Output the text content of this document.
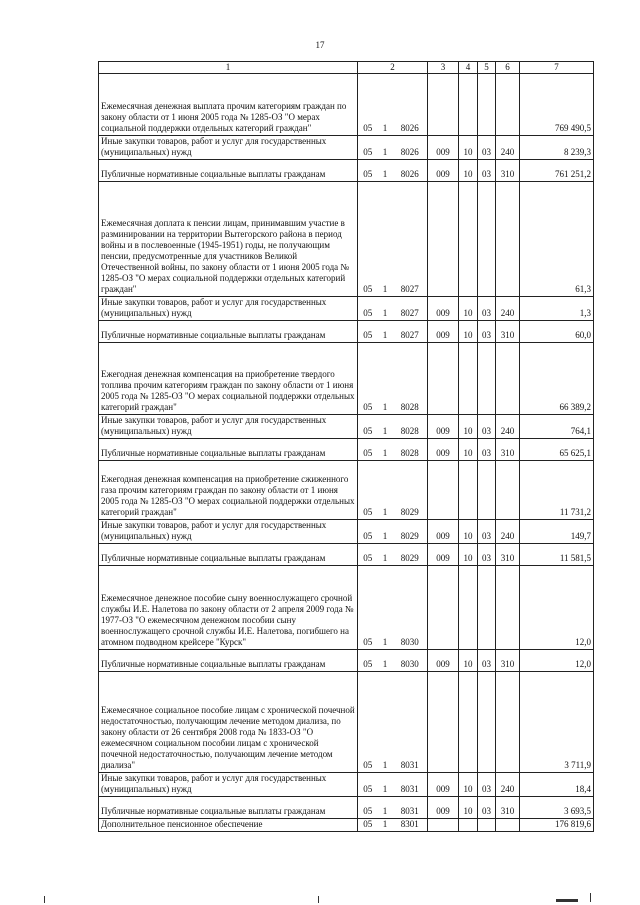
17
1	2			3	4	5	6	7
Ежемесячная денежная выплата прочим категориям граждан по закону области от 1 июня 2005 года № 1285-ОЗ "О мерах социальной поддержки отдельных категорий граждан"	05	1	8026					769 490,5
Иные закупки товаров, работ и услуг для государственных (муниципальных) нужд	05	1	8026	009	10	03	240	8 239,3
Публичные нормативные социальные выплаты гражданам	05	1	8026	009	10	03	310	761 251,2
Ежемесячная доплата к пенсии лицам, принимавшим участие в разминировании на территории Вытегорского района в период войны и в послевоенные (1945-1951) годы, не получающим пенсии, предусмотренные для участников Великой Отечественной войны, по закону области от 1 июня 2005 года № 1285-ОЗ "О мерах социальной поддержки отдельных категорий граждан"	05	1	8027					61,3
Иные закупки товаров, работ и услуг для государственных (муниципальных) нужд	05	1	8027	009	10	03	240	1,3
Публичные нормативные социальные выплаты гражданам	05	1	8027	009	10	03	310	60,0
Ежегодная денежная компенсация на приобретение твердого топлива прочим категориям граждан по закону области от 1 июня 2005 года № 1285-ОЗ "О мерах социальной поддержки отдельных категорий граждан"	05	1	8028					66 389,2
Иные закупки товаров, работ и услуг для государственных (муниципальных) нужд	05	1	8028	009	10	03	240	764,1
Публичные нормативные социальные выплаты гражданам	05	1	8028	009	10	03	310	65 625,1
Ежегодная денежная компенсация на приобретение сжиженного газа прочим категориям граждан по закону области от 1 июня 2005 года № 1285-ОЗ "О мерах социальной поддержки отдельных категорий граждан"	05	1	8029					11 731,2
Иные закупки товаров, работ и услуг для государственных (муниципальных) нужд	05	1	8029	009	10	03	240	149,7
Публичные нормативные социальные выплаты гражданам	05	1	8029	009	10	03	310	11 581,5
Ежемесячное денежное пособие сыну военнослужащего срочной службы И.Е. Налетова по закону области от 2 апреля 2009 года № 1977-ОЗ "О ежемесячном денежном пособии сыну военнослужащего срочной службы И.Е. Налетова, погибшего на атомном подводном крейсере "Курск"	05	1	8030					12,0
Публичные нормативные социальные выплаты гражданам	05	1	8030	009	10	03	310	12,0
Ежемесячное социальное пособие лицам с хронической почечной недостаточностью, получающим лечение методом диализа, по закону области от 26 сентября 2008 года № 1833-ОЗ "О ежемесячном социальном пособии лицам с хронической почечной недостаточностью, получающим лечение методом диализа"	05	1	8031					3 711,9
Иные закупки товаров, работ и услуг для государственных (муниципальных) нужд	05	1	8031	009	10	03	240	18,4
Публичные нормативные социальные выплаты гражданам	05	1	8031	009	10	03	310	3 693,5
Дополнительное пенсионное обеспечение	05	1	8301					176 819,6
